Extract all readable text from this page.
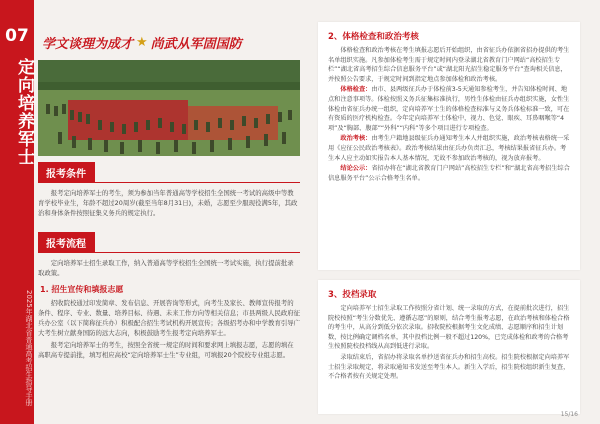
07
定向培养军士
2025年湖北省普通高考招生指导手册
学文谈理为成才 ★ 尚武从军固国防
报考条件

报考定向培养军士的考生，须为参加当年普通高等学校招生全国统一考试的高级中等教育学校毕业生，年龄不超过20周岁(截至当年8月31日)，未婚，志愿至少服现役满5年，其政治和身体条件按照征集义务兵的规定执行。

报考流程

定向培养军士招生录取工作，纳入普通高等学校招生全国统一考试实施，执行提前批录取政策。

1. 招生宣传和填报志愿

招收院校通过印发简章、发布信息、开展咨询等形式，向考生及家长、教师宣传报考的条件、程序、专业、数量、培养目标、待遇、未来工作方向等相关信息；市县两级人民政府征兵办公室（以下简称征兵办）积极配合招生考试机构开展宣传；各级招考办和中学教育引导广大考生树立献身国防的远大志向，积极鼓励考生报考定向培养军士。

报考定向培养军士的考生，按照全省统一规定的时间和要求网上填报志愿，志愿的填在高职高专提前批，填写相应高校“定向培养军士生”专业组，可填报20个院校专业组志愿。

2、体格检查和政治考核

体格检查和政治考核在考生填报志愿后开始组织，由省征兵办依据省招办提供的考生名单组织实施。凡参加体检考生需于规定时间内登录湖北省教育门户网站“高校招生专栏”“湖北省高考招生综合信息服务平台”或“湖北阳光招生稳定服务平台”查询相关信息，并按照公告要求，于规定时间到指定地点参加体检和政治考核。

体格检查：由市、县两级征兵办于体检前3-5天通知参检考生，并告知体检时间、地点和注意事项等。体检按照义务兵征集标准执行，男性生体检由征兵办组织实施，女性生体检由省征兵办统一组织，定向培养军士生的体格检查标准与义务兵体检标准一致，可在有资质的医疗机构检查。今年定向培养军士体检中，视力、色觉、眼疾、耳鼻咽喉等“4项”及“胸部、腹部”“外科”“内科”等多个项目进行专项检查。

政治考核：由考生户籍地县级征兵办通知考生本人并组织实施，政治考核表格统一采用《应征公民政治考核表》。政治考核结果由征兵办负责汇总，考核结果报省征兵办。考生本人应主动如实报告本人基本情况，无故不参加政治考核的，视为放弃报考。

结论公示：省招办将在“湖北省教育门户网站”高校招生专栏”和“湖北省高考招生综合信息服务平台”公示合格考生名单。

3、投档录取

定向培养军士招生录取工作按照分省计划、统一录取的方式，在提前批次进行，招生院校按照“考生分数优先、遵循志愿”的原则，结合考生报考志愿，在政治考核和体检合格的考生中，从高分到低分依次录取。招收院校根据考生文化成绩、志愿顺序和招生计划数，按比例确定调档名单，其中投档比例一般不超过120%，已完成体检和政考的合格考生按照院校投档线从高到低进行录取。

录取结束后，省招办将录取名单抄送省征兵办和招生高校。招生院校根据定向培养军士招生录取规定，将录取通知书发送至考生本人。新生入学后，招生院校组织新生复查，不合格者按有关规定处理。

15/16
